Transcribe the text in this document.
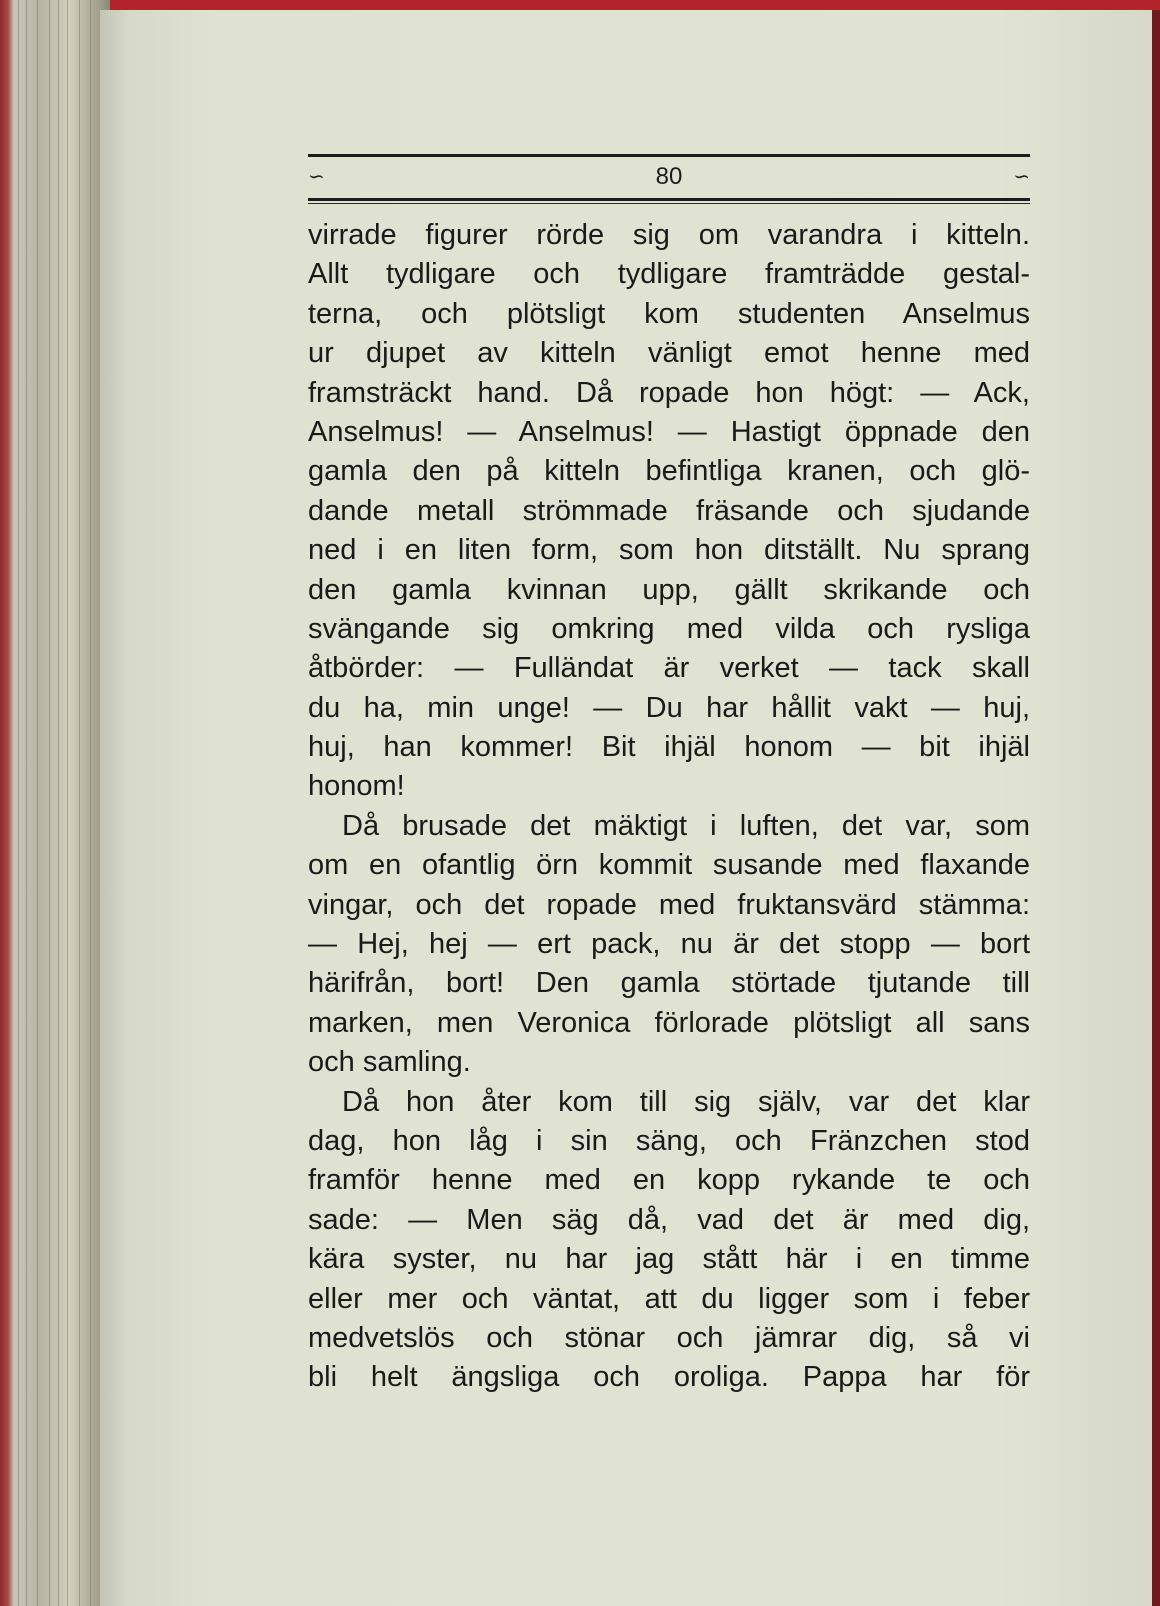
∽	80	∽
virrade figurer rörde sig om varandra i kitteln.
Allt tydligare och tydligare framträdde gestal-
terna, och plötsligt kom studenten Anselmus
ur djupet av kitteln vänligt emot henne med
framsträckt hand. Då ropade hon högt: — Ack,
Anselmus! — Anselmus! — Hastigt öppnade den
gamla den på kitteln befintliga kranen, och glö-
dande metall strömmade fräsande och sjudande
ned i en liten form, som hon ditställt. Nu sprang
den gamla kvinnan upp, gällt skrikande och
svängande sig omkring med vilda och rysliga
åtbörder: — Fulländat är verket — tack skall
du ha, min unge! — Du har hållit vakt — huj,
huj, han kommer! Bit ihjäl honom — bit ihjäl
honom!
Då brusade det mäktigt i luften, det var, som
om en ofantlig örn kommit susande med flaxande
vingar, och det ropade med fruktansvärd stämma:
— Hej, hej — ert pack, nu är det stopp — bort
härifrån, bort! Den gamla störtade tjutande till
marken, men Veronica förlorade plötsligt all sans
och samling.
Då hon åter kom till sig själv, var det klar
dag, hon låg i sin säng, och Fränzchen stod
framför henne med en kopp rykande te och
sade: — Men säg då, vad det är med dig,
kära syster, nu har jag stått här i en timme
eller mer och väntat, att du ligger som i feber
medvetslös och stönar och jämrar dig, så vi
bli helt ängsliga och oroliga. Pappa har för
